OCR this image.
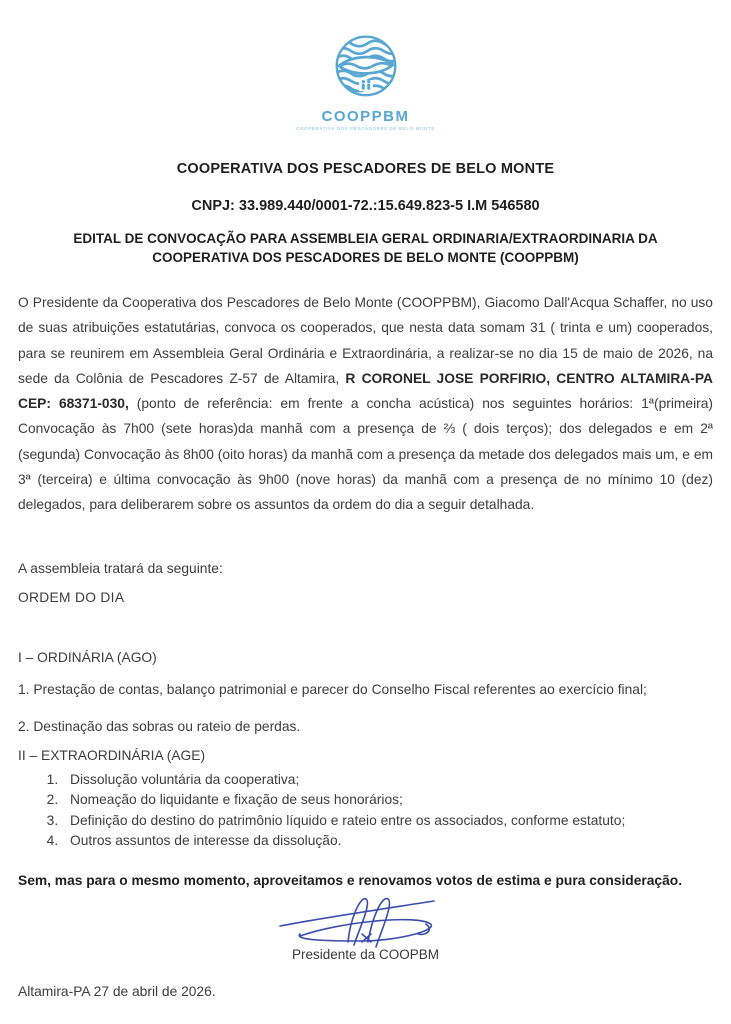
COOPPBM
COOPERATIVA DOS PESCADORES DE BELO MONTE
COOPERATIVA DOS PESCADORES DE BELO MONTE
CNPJ: 33.989.440/0001-72.:15.649.823-5 I.M 546580
EDITAL DE CONVOCAÇÃO PARA ASSEMBLEIA GERAL ORDINARIA/EXTRAORDINARIA DA COOPERATIVA DOS PESCADORES DE BELO MONTE (COOPPBM)

O Presidente da Cooperativa dos Pescadores de Belo Monte (COOPPBM), Giacomo Dall'Acqua Schaffer, no uso de suas atribuições estatutárias, convoca os cooperados, que nesta data somam 31 ( trinta e um) cooperados, para se reunirem em Assembleia Geral Ordinária e Extraordinária, a realizar-se no dia 15 de maio de 2026, na sede da Colônia de Pescadores Z-57 de Altamira, R CORONEL JOSE PORFIRIO, CENTRO ALTAMIRA-PA CEP: 68371-030, (ponto de referência: em frente a concha acústica) nos seguintes horários: 1ª(primeira) Convocação às 7h00 (sete horas)da manhã com a presença de ⅔ ( dois terços); dos delegados e em 2ª (segunda) Convocação às 8h00 (oito horas) da manhã com a presença da metade dos delegados mais um, e em 3ª (terceira) e última convocação às 9h00 (nove horas) da manhã com a presença de no mínimo 10 (dez) delegados, para deliberarem sobre os assuntos da ordem do dia a seguir detalhada.

A assembleia tratará da seguinte:

ORDEM DO DIA

I – ORDINÁRIA (AGO)

1. Prestação de contas, balanço patrimonial e parecer do Conselho Fiscal referentes ao exercício final;

2. Destinação das sobras ou rateio de perdas.

II – EXTRAORDINÁRIA (AGE)

1. Dissolução voluntária da cooperativa;
2. Nomeação do liquidante e fixação de seus honorários;
3. Definição do destino do patrimônio líquido e rateio entre os associados, conforme estatuto;
4. Outros assuntos de interesse da dissolução.

Sem, mas para o mesmo momento, aproveitamos e renovamos votos de estima e pura consideração.

Presidente da COOPBM

Altamira-PA 27 de abril de 2026.
